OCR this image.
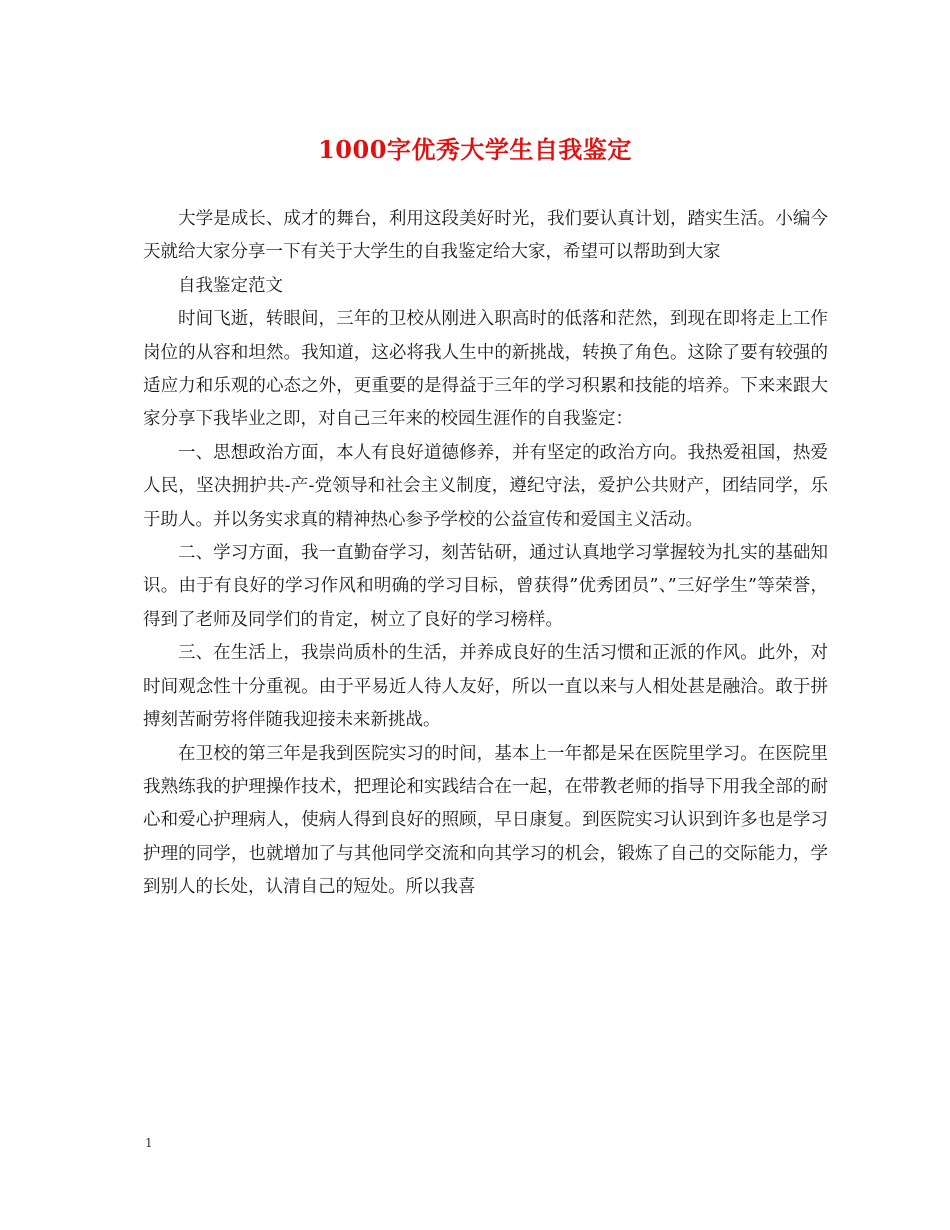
1000字优秀大学生自我鉴定

大学是成长、成才的舞台，利用这段美好时光，我们要认真计划，踏实生活。小编今天就给大家分享一下有关于大学生的自我鉴定给大家，希望可以帮助到大家

自我鉴定范文

时间飞逝，转眼间，三年的卫校从刚进入职高时的低落和茫然，到现在即将走上工作岗位的从容和坦然。我知道，这必将我人生中的新挑战，转换了角色。这除了要有较强的适应力和乐观的心态之外，更重要的是得益于三年的学习积累和技能的培养。下来来跟大家分享下我毕业之即，对自己三年来的校园生涯作的自我鉴定：

一、思想政治方面，本人有良好道德修养，并有坚定的政治方向。我热爱祖国，热爱人民，坚决拥护共-产-党领导和社会主义制度，遵纪守法，爱护公共财产，团结同学，乐于助人。并以务实求真的精神热心参予学校的公益宣传和爱国主义活动。

二、学习方面，我一直勤奋学习，刻苦钻研，通过认真地学习掌握较为扎实的基础知识。由于有良好的学习作风和明确的学习目标，曾获得”优秀团员”、”三好学生”等荣誉，得到了老师及同学们的肯定，树立了良好的学习榜样。

三、在生活上，我崇尚质朴的生活，并养成良好的生活习惯和正派的作风。此外，对时间观念性十分重视。由于平易近人待人友好，所以一直以来与人相处甚是融洽。敢于拼搏刻苦耐劳将伴随我迎接未来新挑战。

在卫校的第三年是我到医院实习的时间，基本上一年都是呆在医院里学习。在医院里我熟练我的护理操作技术，把理论和实践结合在一起，在带教老师的指导下用我全部的耐心和爱心护理病人，使病人得到良好的照顾，早日康复。到医院实习认识到许多也是学习护理的同学，也就增加了与其他同学交流和向其学习的机会，锻炼了自己的交际能力，学到别人的长处，认清自己的短处。所以我喜

1
